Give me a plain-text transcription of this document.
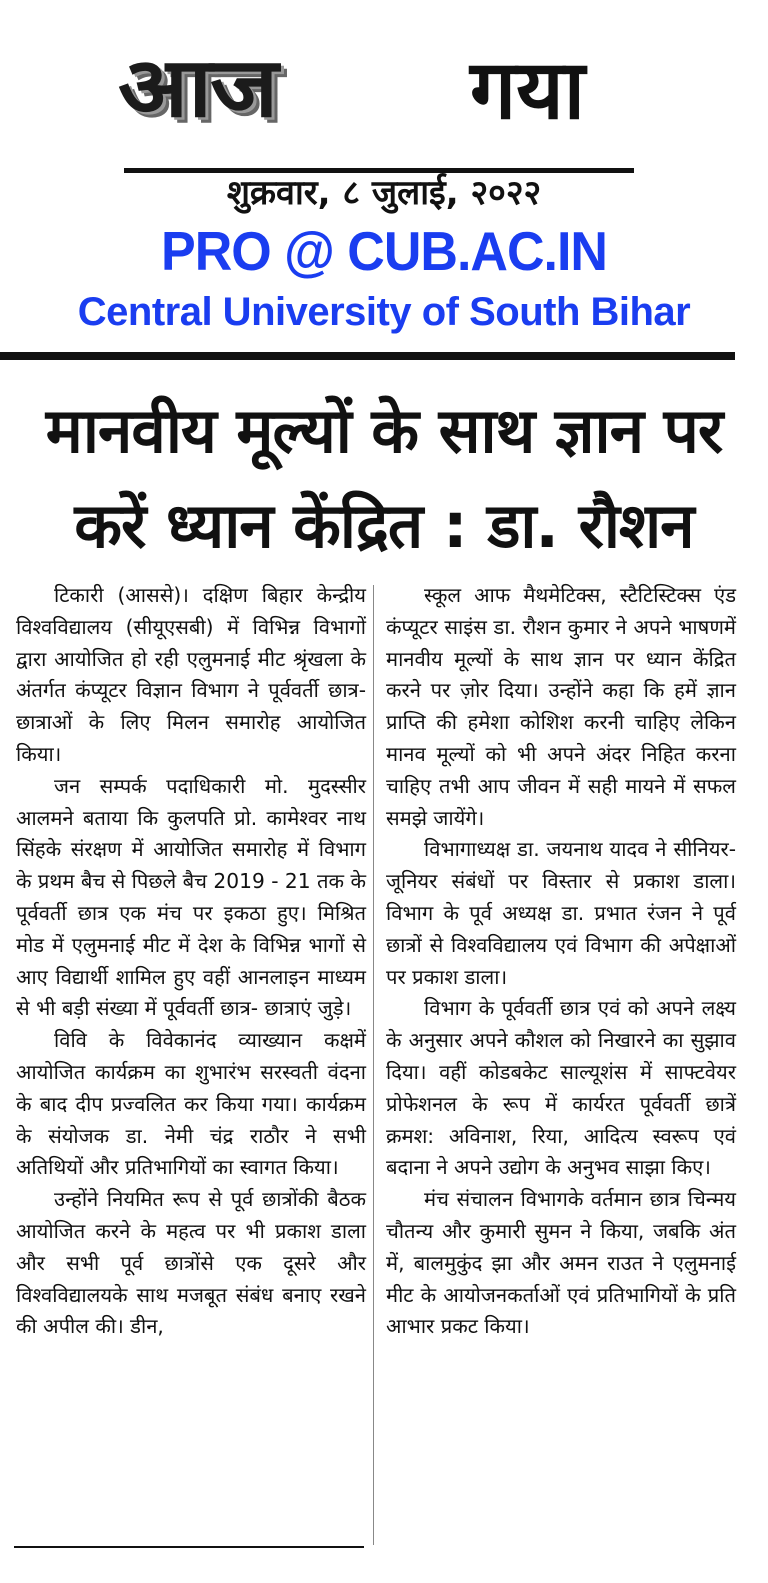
आज गया
शुक्रवार, ८ जुलाई, २०२२
PRO @ CUB.AC.IN
Central University of South Bihar
मानवीय मूल्यों के साथ ज्ञान पर
करें ध्यान केंद्रित : डा. रौशन

टिकारी (आससे)। दक्षिण बिहार केन्द्रीय विश्वविद्यालय (सीयूएसबी) में विभिन्न विभागों द्वारा आयोजित हो रही एलुमनाई मीट श्रृंखला के अंतर्गत कंप्यूटर विज्ञान विभाग ने पूर्ववर्ती छात्र-छात्राओं के लिए मिलन समारोह आयोजित किया।

जन सम्पर्क पदाधिकारी मो. मुदस्सीर आलमने बताया कि कुलपति प्रो. कामेश्वर नाथ सिंहके संरक्षण में आयोजित समारोह में विभाग के प्रथम बैच से पिछले बैच 2019 - 21 तक के पूर्ववर्ती छात्र एक मंच पर इकठा हुए। मिश्रित मोड में एलुमनाई मीट में देश के विभिन्न भागों से आए विद्यार्थी शामिल हुए वहीं आनलाइन माध्यम से भी बड़ी संख्या में पूर्ववर्ती छात्र- छात्राएं जुड़े।

विवि के विवेकानंद व्याख्यान कक्षमें आयोजित कार्यक्रम का शुभारंभ सरस्वती वंदना के बाद दीप प्रज्वलित कर किया गया। कार्यक्रम के संयोजक डा. नेमी चंद्र राठौर ने सभी अतिथियों और प्रतिभागियों का स्वागत किया।

उन्होंने नियमित रूप से पूर्व छात्रोंकी बैठक आयोजित करने के महत्व पर भी प्रकाश डाला और सभी पूर्व छात्रोंसे एक दूसरे और विश्वविद्यालयके साथ मजबूत संबंध बनाए रखने की अपील की। डीन,

स्कूल आफ मैथमेटिक्स, स्टैटिस्टिक्स एंड कंप्यूटर साइंस डा. रौशन कुमार ने अपने भाषणमें मानवीय मूल्यों के साथ ज्ञान पर ध्यान केंद्रित करने पर ज़ोर दिया। उन्होंने कहा कि हमें ज्ञान प्राप्ति की हमेशा कोशिश करनी चाहिए लेकिन मानव मूल्यों को भी अपने अंदर निहित करना चाहिए तभी आप जीवन में सही मायने में सफल समझे जायेंगे।

विभागाध्यक्ष डा. जयनाथ यादव ने सीनियर-जूनियर संबंधों पर विस्तार से प्रकाश डाला। विभाग के पूर्व अध्यक्ष डा. प्रभात रंजन ने पूर्व छात्रों से विश्वविद्यालय एवं विभाग की अपेक्षाओं पर प्रकाश डाला।

विभाग के पूर्ववर्ती छात्र एवं को अपने लक्ष्य के अनुसार अपने कौशल को निखारने का सुझाव दिया। वहीं कोडबकेट साल्यूशंस में साफ्टवेयर प्रोफेशनल के रूप में कार्यरत पूर्ववर्ती छात्रें क्रमश: अविनाश, रिया, आदित्य स्वरूप एवं बदाना ने अपने उद्योग के अनुभव साझा किए।

मंच संचालन विभागके वर्तमान छात्र चिन्मय चौतन्य और कुमारी सुमन ने किया, जबकि अंत में, बालमुकुंद झा और अमन राउत ने एलुमनाई मीट के आयोजनकर्ताओं एवं प्रतिभागियों के प्रति आभार प्रकट किया।
